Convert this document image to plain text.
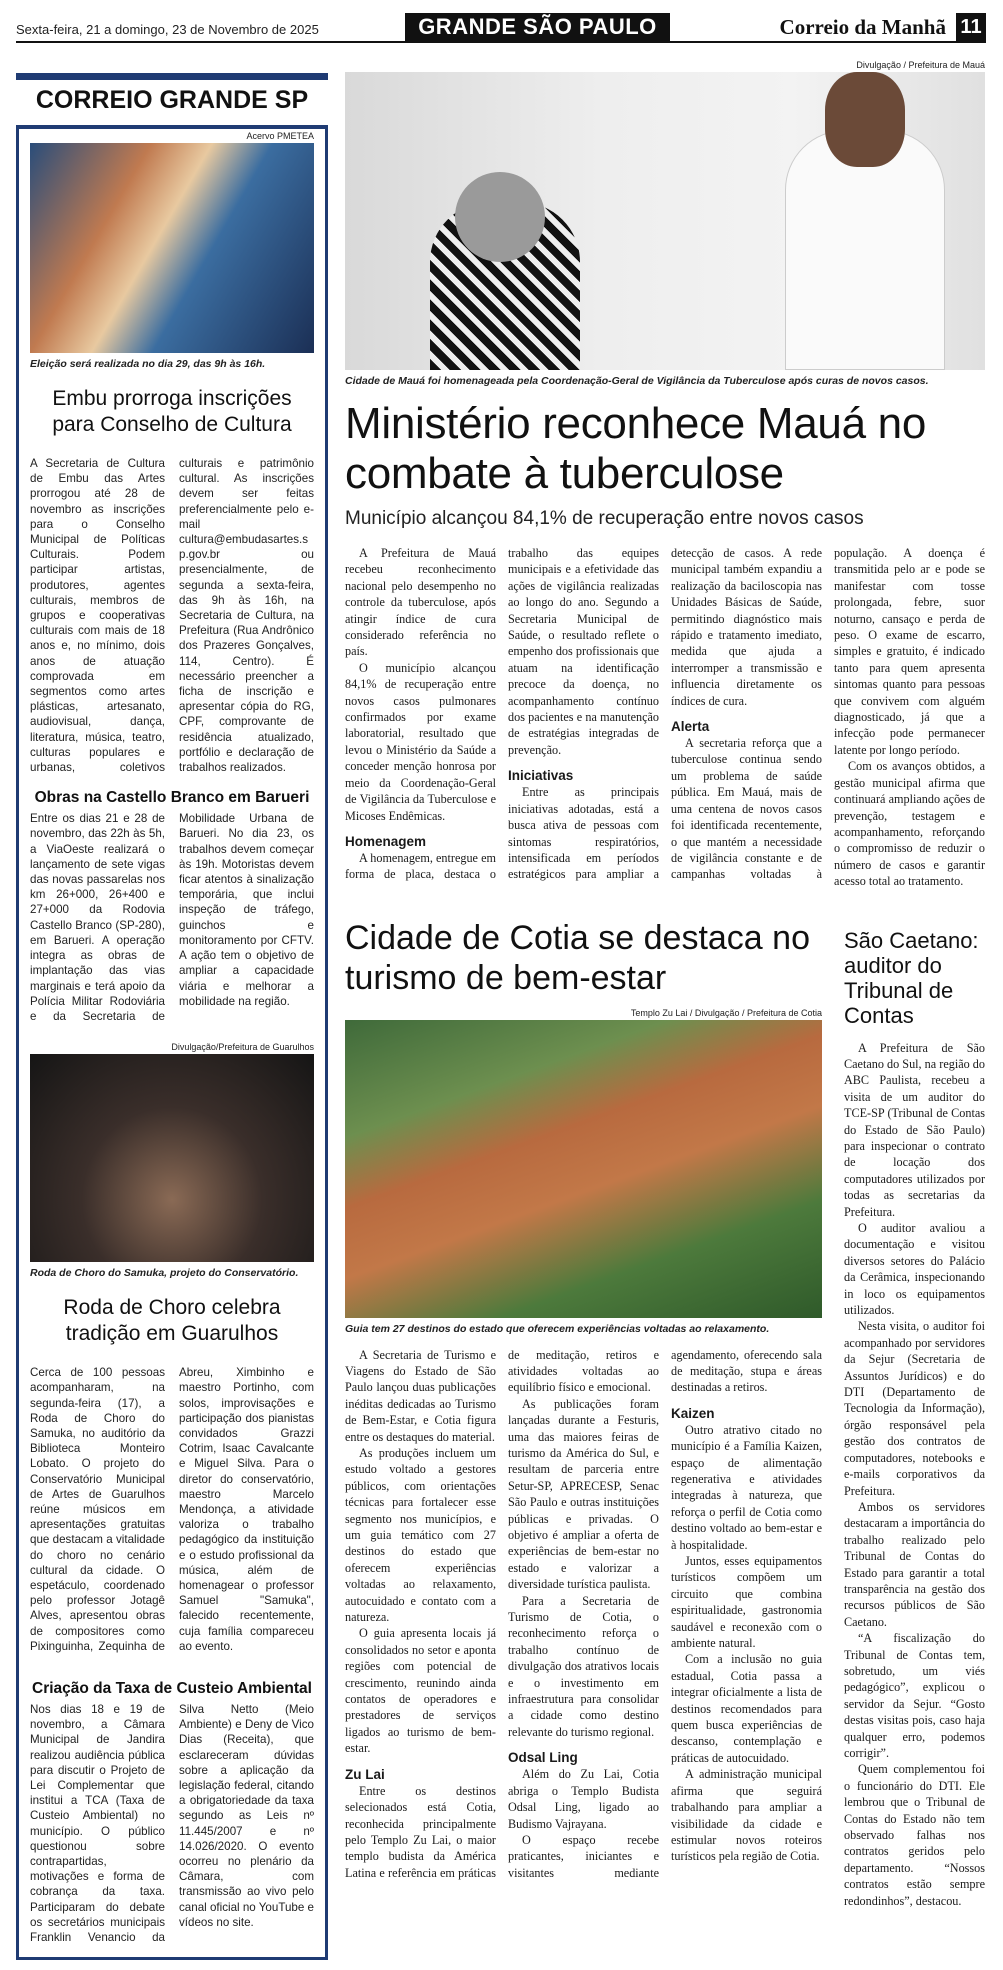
Sexta-feira, 21 a domingo, 23 de Novembro de 2025	GRANDE SÃO PAULO	Correio da Manhã 11
CORREIO GRANDE SP
Acervo PMETEA
Eleição será realizada no dia 29, das 9h às 16h.
Embu prorroga inscrições para Conselho de Cultura

A Secretaria de Cultura de Embu das Artes prorrogou até 28 de novembro as inscrições para o Conselho Municipal de Políticas Culturais. Podem participar artistas, produtores, agentes culturais, membros de grupos e cooperativas culturais com mais de 18 anos e, no mínimo, dois anos de atuação comprovada em segmentos como artes plásticas, artesanato, audiovisual, dança, literatura, música, teatro, culturas populares e urbanas, coletivos culturais e patrimônio cultural. As inscrições devem ser feitas preferencialmente pelo e-mail cultura@embudasartes.sp.gov.br ou presencialmente, de segunda a sexta-feira, das 9h às 16h, na Secretaria de Cultura, na Prefeitura (Rua Andrônico dos Prazeres Gonçalves, 114, Centro). É necessário preencher a ficha de inscrição e apresentar cópia do RG, CPF, comprovante de residência atualizado, portfólio e declaração de trabalhos realizados.

Obras na Castello Branco em Barueri

Entre os dias 21 e 28 de novembro, das 22h às 5h, a ViaOeste realizará o lançamento de sete vigas das novas passarelas nos km 26+000, 26+400 e 27+000 da Rodovia Castello Branco (SP-280), em Barueri. A operação integra as obras de implantação das vias marginais e terá apoio da Polícia Militar Rodoviária e da Secretaria de Mobilidade Urbana de Barueri. No dia 23, os trabalhos devem começar às 19h. Motoristas devem ficar atentos à sinalização temporária, que inclui inspeção de tráfego, guinchos e monitoramento por CFTV. A ação tem o objetivo de ampliar a capacidade viária e melhorar a mobilidade na região.

Divulgação/Prefeitura de Guarulhos
Roda de Choro do Samuka, projeto do Conservatório.
Roda de Choro celebra tradição em Guarulhos

Cerca de 100 pessoas acompanharam, na segunda-feira (17), a Roda de Choro do Samuka, no auditório da Biblioteca Monteiro Lobato. O projeto do Conservatório Municipal de Artes de Guarulhos reúne músicos em apresentações gratuitas que destacam a vitalidade do choro no cenário cultural da cidade. O espetáculo, coordenado pelo professor Jotagê Alves, apresentou obras de compositores como Pixinguinha, Zequinha de Abreu, Ximbinho e maestro Portinho, com solos, improvisações e participação dos pianistas convidados Grazzi Cotrim, Isaac Cavalcante e Miguel Silva. Para o diretor do conservatório, maestro Marcelo Mendonça, a atividade valoriza o trabalho pedagógico da instituição e o estudo profissional da música, além de homenagear o professor Samuel "Samuka", falecido recentemente, cuja família compareceu ao evento.

Criação da Taxa de Custeio Ambiental

Nos dias 18 e 19 de novembro, a Câmara Municipal de Jandira realizou audiência pública para discutir o Projeto de Lei Complementar que institui a TCA (Taxa de Custeio Ambiental) no município. O público questionou sobre contrapartidas, motivações e forma de cobrança da taxa. Participaram do debate os secretários municipais Franklin Venancio da Silva Netto (Meio Ambiente) e Deny de Vico Dias (Receita), que esclareceram dúvidas sobre a aplicação da legislação federal, citando a obrigatoriedade da taxa segundo as Leis nº 11.445/2007 e nº 14.026/2020. O evento ocorreu no plenário da Câmara, com transmissão ao vivo pelo canal oficial no YouTube e vídeos no site.

Divulgação / Prefeitura de Mauá
Cidade de Mauá foi homenageada pela Coordenação-Geral de Vigilância da Tuberculose após curas de novos casos.
Ministério reconhece Mauá no combate à tuberculose
Município alcançou 84,1% de recuperação entre novos casos

A Prefeitura de Mauá recebeu reconhecimento nacional pelo desempenho no controle da tuberculose, após atingir índice de cura considerado referência no país.

O município alcançou 84,1% de recuperação entre novos casos pulmonares confirmados por exame laboratorial, resultado que levou o Ministério da Saúde a conceder menção honrosa por meio da Coordenação-Geral de Vigilância da Tuberculose e Micoses Endêmicas.

Homenagem

A homenagem, entregue em forma de placa, destaca o trabalho das equipes municipais e a efetividade das ações de vigilância realizadas ao longo do ano. Segundo a Secretaria Municipal de Saúde, o resultado reflete o empenho dos profissionais que atuam na identificação precoce da doença, no acompanhamento contínuo dos pacientes e na manutenção de estratégias integradas de prevenção.

Iniciativas

Entre as principais iniciativas adotadas, está a busca ativa de pessoas com sintomas respiratórios, intensificada em períodos estratégicos para ampliar a detecção de casos. A rede municipal também expandiu a realização da baciloscopia nas Unidades Básicas de Saúde, permitindo diagnóstico mais rápido e tratamento imediato, medida que ajuda a interromper a transmissão e influencia diretamente os índices de cura.

Alerta

A secretaria reforça que a tuberculose continua sendo um problema de saúde pública. Em Mauá, mais de uma centena de novos casos foi identificada recentemente, o que mantém a necessidade de vigilância constante e de campanhas voltadas à população. A doença é transmitida pelo ar e pode se manifestar com tosse prolongada, febre, suor noturno, cansaço e perda de peso. O exame de escarro, simples e gratuito, é indicado tanto para quem apresenta sintomas quanto para pessoas que convivem com alguém diagnosticado, já que a infecção pode permanecer latente por longo período.

Com os avanços obtidos, a gestão municipal afirma que continuará ampliando ações de prevenção, testagem e acompanhamento, reforçando o compromisso de reduzir o número de casos e garantir acesso total ao tratamento.

Cidade de Cotia se destaca no turismo de bem-estar
Templo Zu Lai / Divulgação / Prefeitura de Cotia
Guia tem 27 destinos do estado que oferecem experiências voltadas ao relaxamento.

A Secretaria de Turismo e Viagens do Estado de São Paulo lançou duas publicações inéditas dedicadas ao Turismo de Bem-Estar, e Cotia figura entre os destaques do material.

As produções incluem um estudo voltado a gestores públicos, com orientações técnicas para fortalecer esse segmento nos municípios, e um guia temático com 27 destinos do estado que oferecem experiências voltadas ao relaxamento, autocuidado e contato com a natureza.

O guia apresenta locais já consolidados no setor e aponta regiões com potencial de crescimento, reunindo ainda contatos de operadores e prestadores de serviços ligados ao turismo de bem-estar.

Zu Lai

Entre os destinos selecionados está Cotia, reconhecida principalmente pelo Templo Zu Lai, o maior templo budista da América Latina e referência em práticas de meditação, retiros e atividades voltadas ao equilíbrio físico e emocional.

As publicações foram lançadas durante a Festuris, uma das maiores feiras de turismo da América do Sul, e resultam de parceria entre Setur-SP, APRECESP, Senac São Paulo e outras instituições públicas e privadas. O objetivo é ampliar a oferta de experiências de bem-estar no estado e valorizar a diversidade turística paulista.

Para a Secretaria de Turismo de Cotia, o reconhecimento reforça o trabalho contínuo de divulgação dos atrativos locais e o investimento em infraestrutura para consolidar a cidade como destino relevante do turismo regional.

Odsal Ling

Além do Zu Lai, Cotia abriga o Templo Budista Odsal Ling, ligado ao Budismo Vajrayana.

O espaço recebe praticantes, iniciantes e visitantes mediante agendamento, oferecendo sala de meditação, stupa e áreas destinadas a retiros.

Kaizen

Outro atrativo citado no município é a Família Kaizen, espaço de alimentação regenerativa e atividades integradas à natureza, que reforça o perfil de Cotia como destino voltado ao bem-estar e à hospitalidade.

Juntos, esses equipamentos turísticos compõem um circuito que combina espiritualidade, gastronomia saudável e reconexão com o ambiente natural.

Com a inclusão no guia estadual, Cotia passa a integrar oficialmente a lista de destinos recomendados para quem busca experiências de descanso, contemplação e práticas de autocuidado.

A administração municipal afirma que seguirá trabalhando para ampliar a visibilidade da cidade e estimular novos roteiros turísticos pela região de Cotia.

São Caetano: auditor do Tribunal de Contas

A Prefeitura de São Caetano do Sul, na região do ABC Paulista, recebeu a visita de um auditor do TCE-SP (Tribunal de Contas do Estado de São Paulo) para inspecionar o contrato de locação dos computadores utilizados por todas as secretarias da Prefeitura.

O auditor avaliou a documentação e visitou diversos setores do Palácio da Cerâmica, inspecionando in loco os equipamentos utilizados.

Nesta visita, o auditor foi acompanhado por servidores da Sejur (Secretaria de Assuntos Jurídicos) e do DTI (Departamento de Tecnologia da Informação), órgão responsável pela gestão dos contratos de computadores, notebooks e e-mails corporativos da Prefeitura.

Ambos os servidores destacaram a importância do trabalho realizado pelo Tribunal de Contas do Estado para garantir a total transparência na gestão dos recursos públicos de São Caetano.

“A fiscalização do Tribunal de Contas tem, sobretudo, um viés pedagógico”, explicou o servidor da Sejur. “Gosto destas visitas pois, caso haja qualquer erro, podemos corrigir”.

Quem complementou foi o funcionário do DTI. Ele lembrou que o Tribunal de Contas do Estado não tem observado falhas nos contratos geridos pelo departamento. “Nossos contratos estão sempre redondinhos”, destacou.
